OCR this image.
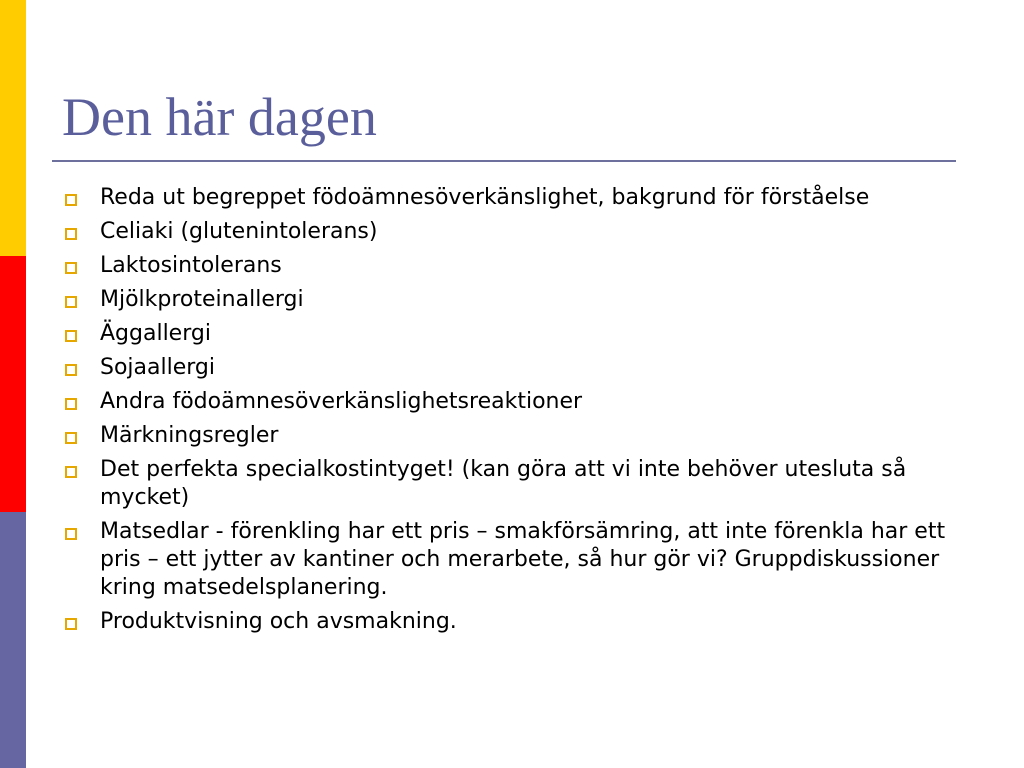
Den här dagen
Reda ut begreppet födoämnesöverkänslighet, bakgrund för förståelse
Celiaki (glutenintolerans)
Laktosintolerans
Mjölkproteinallergi
Äggallergi
Sojaallergi
Andra födoämnesöverkänslighetsreaktioner
Märkningsregler
Det perfekta specialkostintyget! (kan göra att vi inte behöver utesluta så mycket)
Matsedlar - förenkling har ett pris – smakförsämring, att inte förenkla har ett pris – ett jytter av kantiner och merarbete, så hur gör vi? Gruppdiskussioner kring matsedelsplanering.
Produktvisning och avsmakning.
